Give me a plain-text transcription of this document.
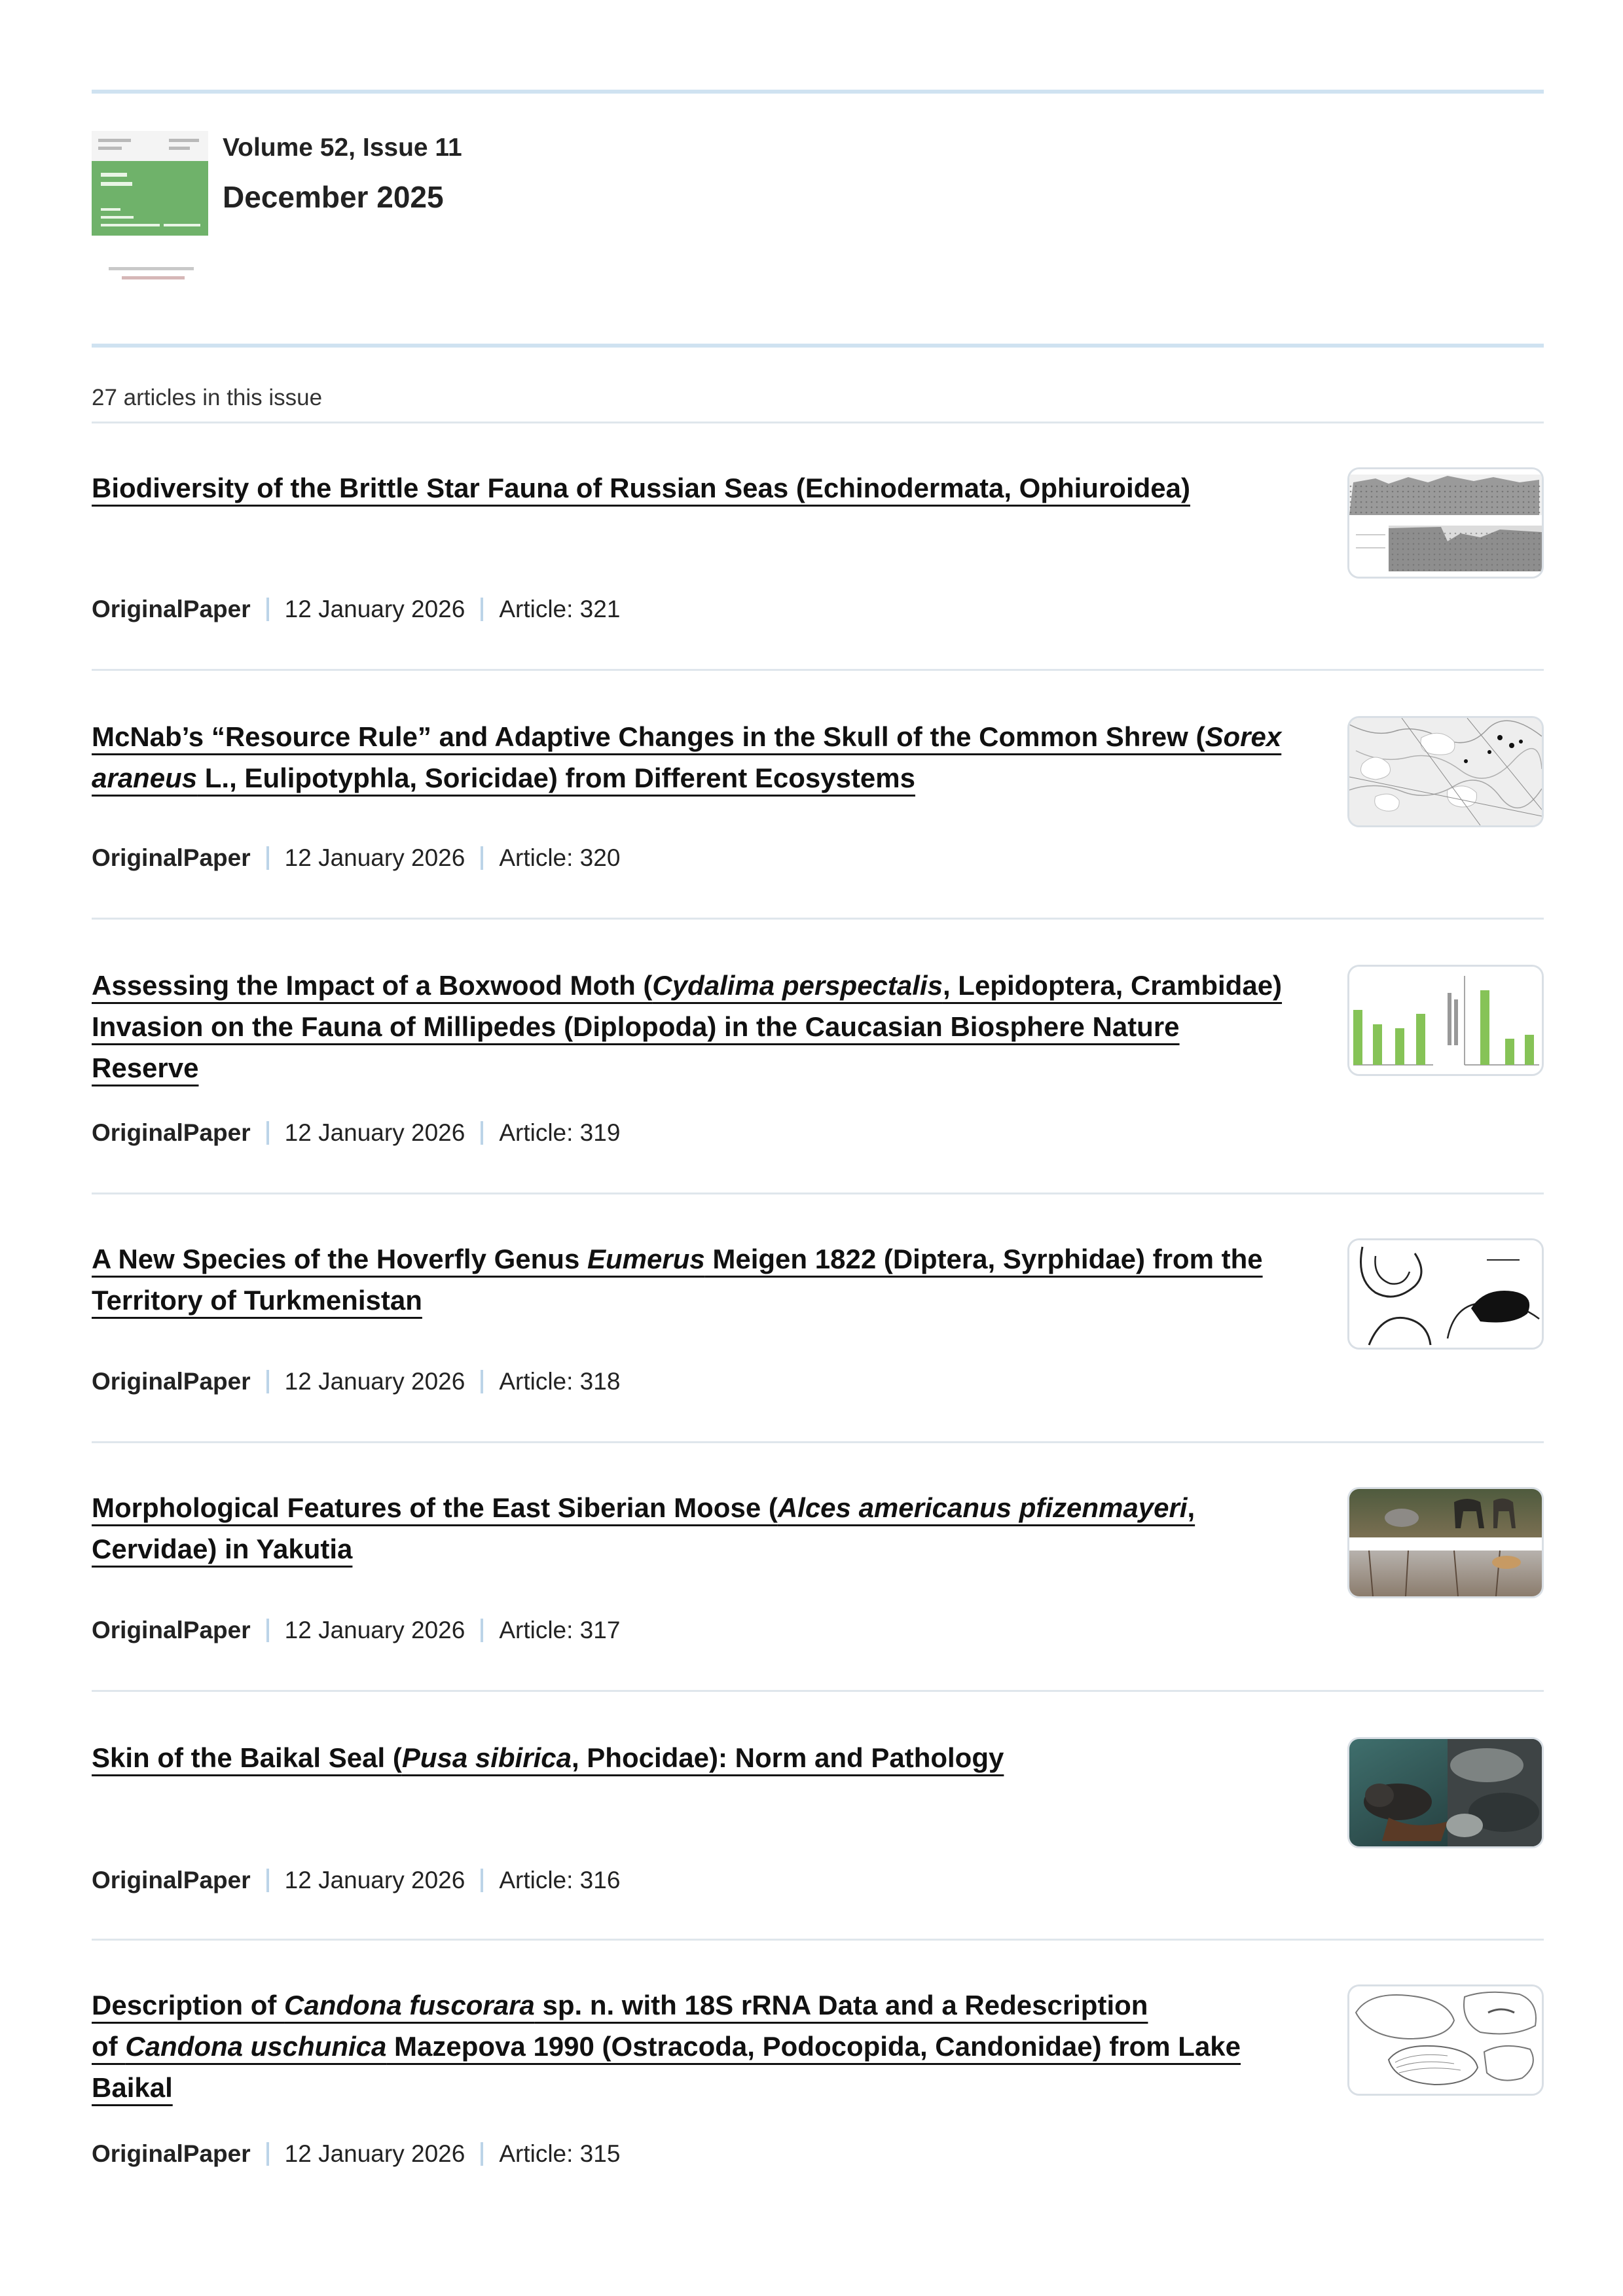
Volume 52, Issue 11
December 2025
27 articles in this issue
Biodiversity of the Brittle Star Fauna of Russian Seas (Echinodermata, Ophiuroidea)
OriginalPaper 12 January 2026 Article: 321
McNab’s “Resource Rule” and Adaptive Changes in the Skull of the Common Shrew (Sorex
araneus L., Eulipotyphla, Soricidae) from Different Ecosystems
OriginalPaper 12 January 2026 Article: 320
Assessing the Impact of a Boxwood Moth (Cydalima perspectalis, Lepidoptera, Crambidae)
Invasion on the Fauna of Millipedes (Diplopoda) in the Caucasian Biosphere Nature
Reserve
OriginalPaper 12 January 2026 Article: 319
A New Species of the Hoverfly Genus Eumerus Meigen 1822 (Diptera, Syrphidae) from the
Territory of Turkmenistan
OriginalPaper 12 January 2026 Article: 318
Morphological Features of the East Siberian Moose (Alces americanus pfizenmayeri,
Cervidae) in Yakutia
OriginalPaper 12 January 2026 Article: 317
Skin of the Baikal Seal (Pusa sibirica, Phocidae): Norm and Pathology
OriginalPaper 12 January 2026 Article: 316
Description of Candona fuscorara sp. n. with 18S rRNA Data and a Redescription
of Candona uschunica Mazepova 1990 (Ostracoda, Podocopida, Candonidae) from Lake
Baikal
OriginalPaper 12 January 2026 Article: 315
